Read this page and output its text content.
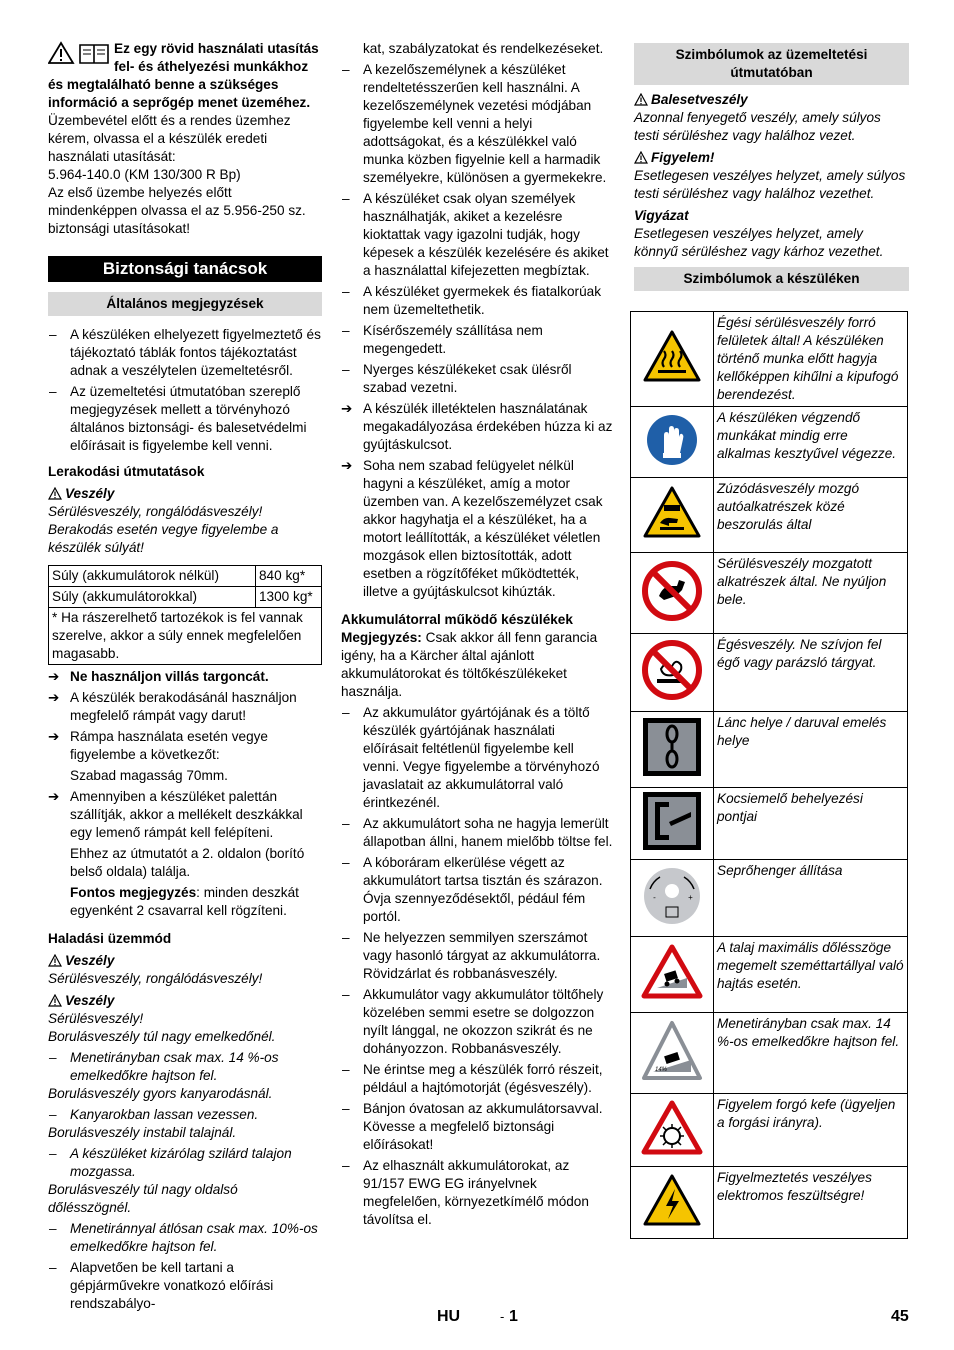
Ez egy rövid használati utasítás fel- és áthelyezési munkákhoz és megtalálható benne a szükséges információ a seprőgép menet üzeméhez.

Üzembevétel előtt és a rendes üzemhez kérem, olvassa el a készülék eredeti használati utasítását:

5.964-140.0 (KM 130/300 R Bp)

Az első üzembe helyezés előtt mindenképpen olvassa el az 5.956-250 sz. biztonsági utasításokat!

Biztonsági tanácsok
Általános megjegyzések
– A készüléken elhelyezett figyelmeztető és tájékoztató táblák fontos tájékoztatást adnak a veszélytelen üzemeltetésről.
– Az üzemeltetési útmutatóban szereplő megjegyzések mellett a törvényhozó általános biztonsági- és balesetvédelmi előírásait is figyelembe kell venni.

Lerakodási útmutatások

Veszély

Sérülésveszély, rongálódásveszély! Berakodás esetén vegye figyelembe a készülék súlyát!

Súly (akkumulátorok nélkül)	840 kg*
Súly (akkumulátorokkal)	1300 kg*
* Ha rászerelhető tartozékok is fel vannak szerelve, akkor a súly ennek megfelelően magasabb.	
➔ Ne használjon villás targoncát.
➔ A készülék berakodásánál használjon megfelelő rámpát vagy darut!
➔ Rámpa használata esetén vegye figyelembe a következőt:

Szabad magasság 70mm.

➔ Amennyiben a készüléket palettán szállítják, akkor a mellékelt deszkákkal egy lemenő rámpát kell felépíteni.

Ehhez az útmutatót a 2. oldalon (borító belső oldala) találja.

Fontos megjegyzés: minden deszkát egyenként 2 csavarral kell rögzíteni.

Haladási üzemmód

Veszély

Sérülésveszély, rongálódásveszély!

Veszély

Sérülésveszély!

Borulásveszély túl nagy emelkedőnél.

– Menetirányban csak max. 14 %-os emelkedőkre hajtson fel.

Borulásveszély gyors kanyarodásnál.

– Kanyarokban lassan vezessen.

Borulásveszély instabil talajnál.

– A készüléket kizárólag szilárd talajon mozgassa.

Borulásveszély túl nagy oldalsó dőlésszögnél.

– Menetiránnyal átlósan csak max. 10%-os emelkedőkre hajtson fel.
– Alapvetően be kell tartani a gépjárművekre vonatkozó előírási rendszabályo-

kat, szabályzatokat és rendelkezéseket.

– A kezelőszemélynek a készüléket rendeltetésszerűen kell használni. A kezelőszemélynek vezetési módjában figyelembe kell venni a helyi adottságokat, és a készülékkel való munka közben figyelnie kell a harmadik személyekre, különösen a gyermekekre.
– A készüléket csak olyan személyek használhatják, akiket a kezelésre kioktattak vagy igazolni tudják, hogy képesek a készülék kezelésére és akiket a használattal kifejezetten megbíztak.
– A készüléket gyermekek és fiatalkorúak nem üzemeltethetik.
– Kísérőszemély szállítása nem megengedett.
– Nyerges készülékeket csak ülésről szabad vezetni.
➔ A készülék illetéktelen használatának megakadályozása érdekében húzza ki az gyújtáskulcsot.
➔ Soha nem szabad felügyelet nélkül hagyni a készüléket, amíg a motor üzemben van. A kezelőszemélyzet csak akkor hagyhatja el a készüléket, ha a motort leállították, a készüléket véletlen mozgások ellen biztosították, adott esetben a rögzítőféket működtették, illetve a gyújtáskulcsot kihúzták.

Akkumulátorral működő készülékek

Megjegyzés: Csak akkor áll fenn garancia igény, ha a Kärcher által ajánlott akkumulátorokat és töltőkészülékeket használja.

– Az akkumulátor gyártójának és a töltő készülék gyártójának használati előírásait feltétlenül figyelembe kell venni. Vegye figyelembe a törvényhozó javaslatait az akkumulátorral való érintkezénél.
– Az akkumulátort soha ne hagyja lemerült állapotban állni, hanem mielőbb töltse fel.
– A kóboráram elkerülése végett az akkumulátort tartsa tisztán és szárazon. Óvja szennyeződésektől, pédául fém portól.
– Ne helyezzen semmilyen szerszámot vagy hasonló tárgyat az akkumulátorra. Rövidzárlat és robbanásveszély.
– Akkumulátor vagy akkumulátor töltőhely közelében semmi esetre se dolgozzon nyílt lánggal, ne okozzon szikrát és ne dohányozzon. Robbanásveszély.
– Ne érintse meg a készülék forró részeit, például a hajtómotorját (égésveszély).
– Bánjon óvatosan az akkumulátorsavval. Kövesse a megfelelő biztonsági előírásokat!
– Az elhasznált akkumulátorokat, az 91/157 EWG EG irányelvnek megfelelően, környezetkímélő módon távolítsa el.
Szimbólumok az üzemeltetési útmutatóban

Balesetveszély

Azonnal fenyegető veszély, amely súlyos testi sérüléshez vagy halálhoz vezet.

Figyelem!

Esetlegesen veszélyes helyzet, amely súlyos testi sérüléshez vagy halálhoz vezethet.

Vigyázat

Esetlegesen veszélyes helyzet, amely könnyű sérüléshez vagy kárhoz vezethet.

Szimbólumok a készüléken
	Égési sérülésveszély forró felületek által! A készüléken történő munka előtt hagyja kellőképpen kihűlni a kipufogó berendezést.
	A készüléken végzendő munkákat mindig erre alkalmas kesztyűvel végezze.
	Zúzódásveszély mozgó autóalkatrészek közé beszorulás által
	Sérülésveszély mozgatott alkatrészek által. Ne nyúljon bele.
	Égésveszély. Ne szívjon fel égő vagy parázsló tárgyat.
	Lánc helye / daruval emelés helye
	Kocsiemelő behelyezési pontjai

- +	Seprőhenger állítása
	A talaj maximális dőlésszöge megemelt szeméttartállyal való hajtás esetén.

14%	Menetirányban csak max. 14 %-os emelkedőkre hajtson fel.
	Figyelem forgó kefe (ügyeljen a forgási irányra).
	Figyelmeztetés veszélyes elektromos feszültségre!
HU	- 1	45
